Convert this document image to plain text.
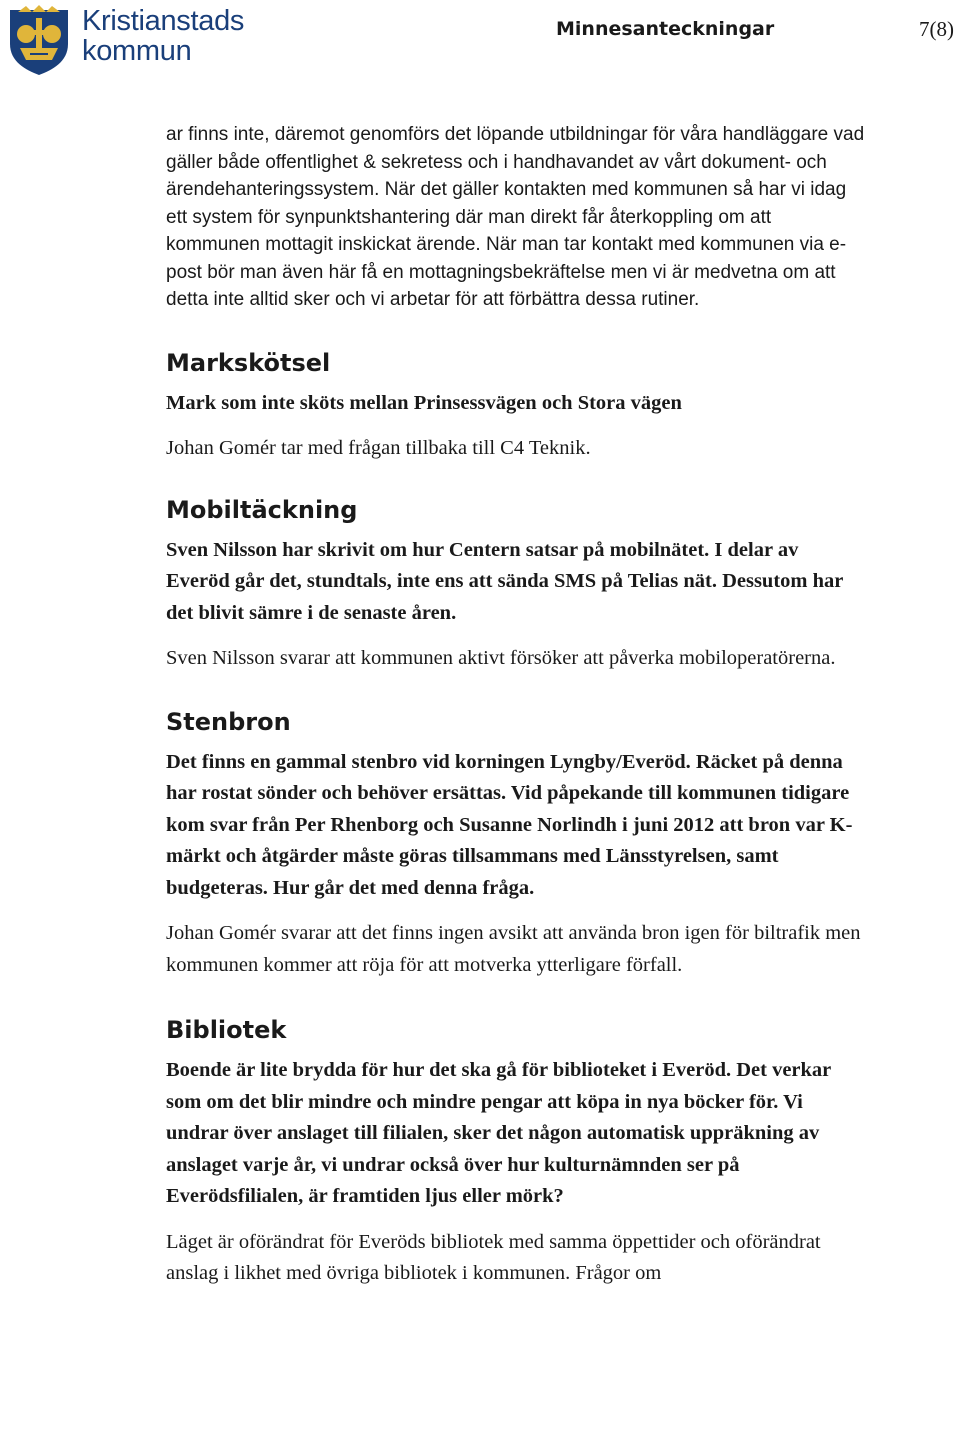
Kristianstads
kommun
Minnesanteckningar	7(8)

ar finns inte, däremot genomförs det löpande utbildningar för våra handläggare vad gäller både offentlighet & sekretess och i handhavandet av vårt dokument- och ärendehanteringssystem. När det gäller kontakten med kommunen så har vi idag ett system för synpunktshantering där man direkt får återkoppling om att kommunen mottagit inskickat ärende. När man tar kontakt med kommunen via e-post bör man även här få en mottagningsbekräftelse men vi är medvetna om att detta inte alltid sker och vi arbetar för att förbättra dessa rutiner.

Markskötsel

Mark som inte sköts mellan Prinsessvägen och Stora vägen

Johan Gomér tar med frågan tillbaka till C4 Teknik.

Mobiltäckning

Sven Nilsson har skrivit om hur Centern satsar på mobilnätet. I delar av Everöd går det, stundtals, inte ens att sända SMS på Telias nät. Dessutom har det blivit sämre i de senaste åren.

Sven Nilsson svarar att kommunen aktivt försöker att påverka mobiloperatörerna.

Stenbron

Det finns en gammal stenbro vid korningen Lyngby/Everöd. Räcket på denna har rostat sönder och behöver ersättas. Vid påpekande till kommunen tidigare kom svar från Per Rhenborg och Susanne Norlindh i juni 2012 att bron var K-märkt och åtgärder måste göras tillsammans med Länsstyrelsen, samt budgeteras. Hur går det med denna fråga.

Johan Gomér svarar att det finns ingen avsikt att använda bron igen för biltrafik men kommunen kommer att röja för att motverka ytterligare förfall.

Bibliotek

Boende är lite brydda för hur det ska gå för biblioteket i Everöd. Det verkar som om det blir mindre och mindre pengar att köpa in nya böcker för. Vi undrar över anslaget till filialen, sker det någon automatisk uppräkning av anslaget varje år, vi undrar också över hur kulturnämnden ser på Everödsfilialen, är framtiden ljus eller mörk?

Läget är oförändrat för Everöds bibliotek med samma öppettider och oförändrat anslag i likhet med övriga bibliotek i kommunen. Frågor om
